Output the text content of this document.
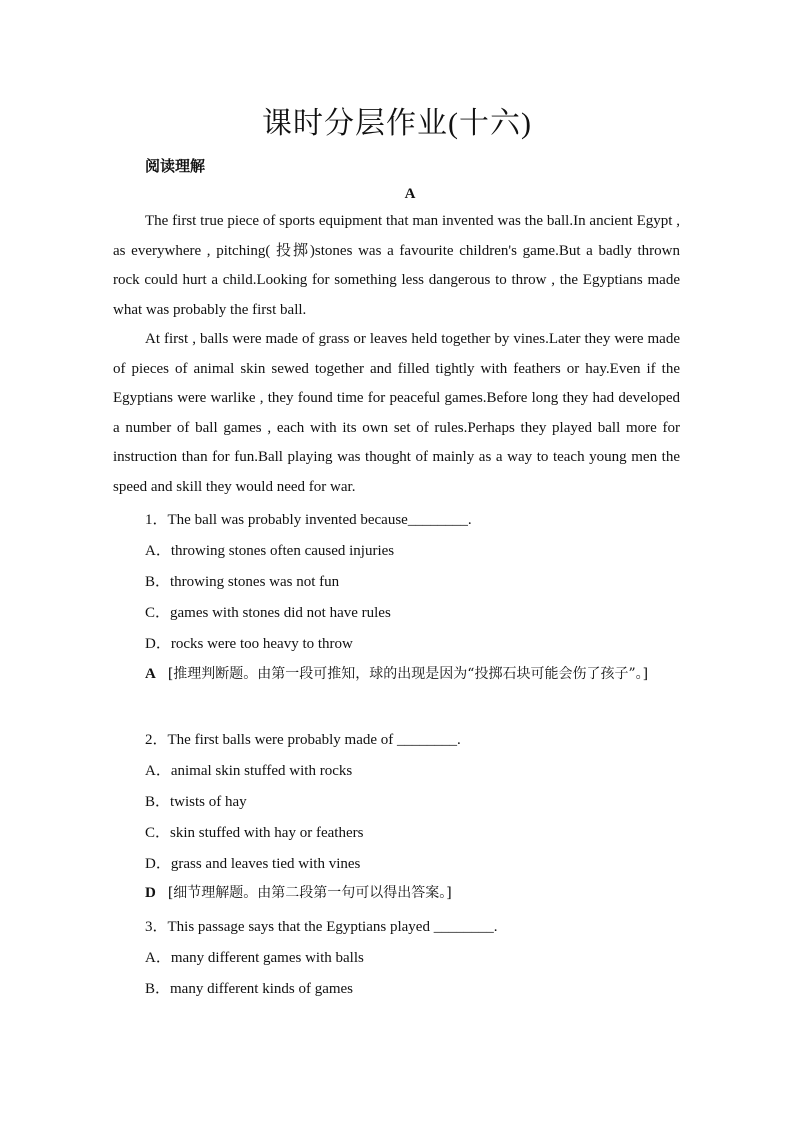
课时分层作业(十六)
阅读理解
A

The first true piece of sports equipment that man invented was the ball.In ancient Egypt , as everywhere , pitching( 投掷)stones was a favourite children's game.But a badly thrown rock could hurt a child.Looking for something less dangerous to throw , the Egyptians made what was probably the first ball.

At first , balls were made of grass or leaves held together by vines.Later they were made of pieces of animal skin sewed together and filled tightly with feathers or hay.Even if the Egyptians were warlike , they found time for peaceful games.Before long they had developed a number of ball games , each with its own set of rules.Perhaps they played ball more for instruction than for fun.Ball playing was thought of mainly as a way to teach young men the speed and skill they would need for war.

1．The ball was probably invented because________.
A．throwing stones often caused injuries
B．throwing stones was not fun
C．games with stones did not have rules
D．rocks were too heavy to throw
A [推理判断题。由第一段可推知，球的出现是因为“投掷石块可能会伤了孩子”。]
2．The first balls were probably made of ________.
A．animal skin stuffed with rocks
B．twists of hay
C．skin stuffed with hay or feathers
D．grass and leaves tied with vines
D [细节理解题。由第二段第一句可以得出答案。]
3．This passage says that the Egyptians played ________.
A．many different games with balls
B．many different kinds of games
